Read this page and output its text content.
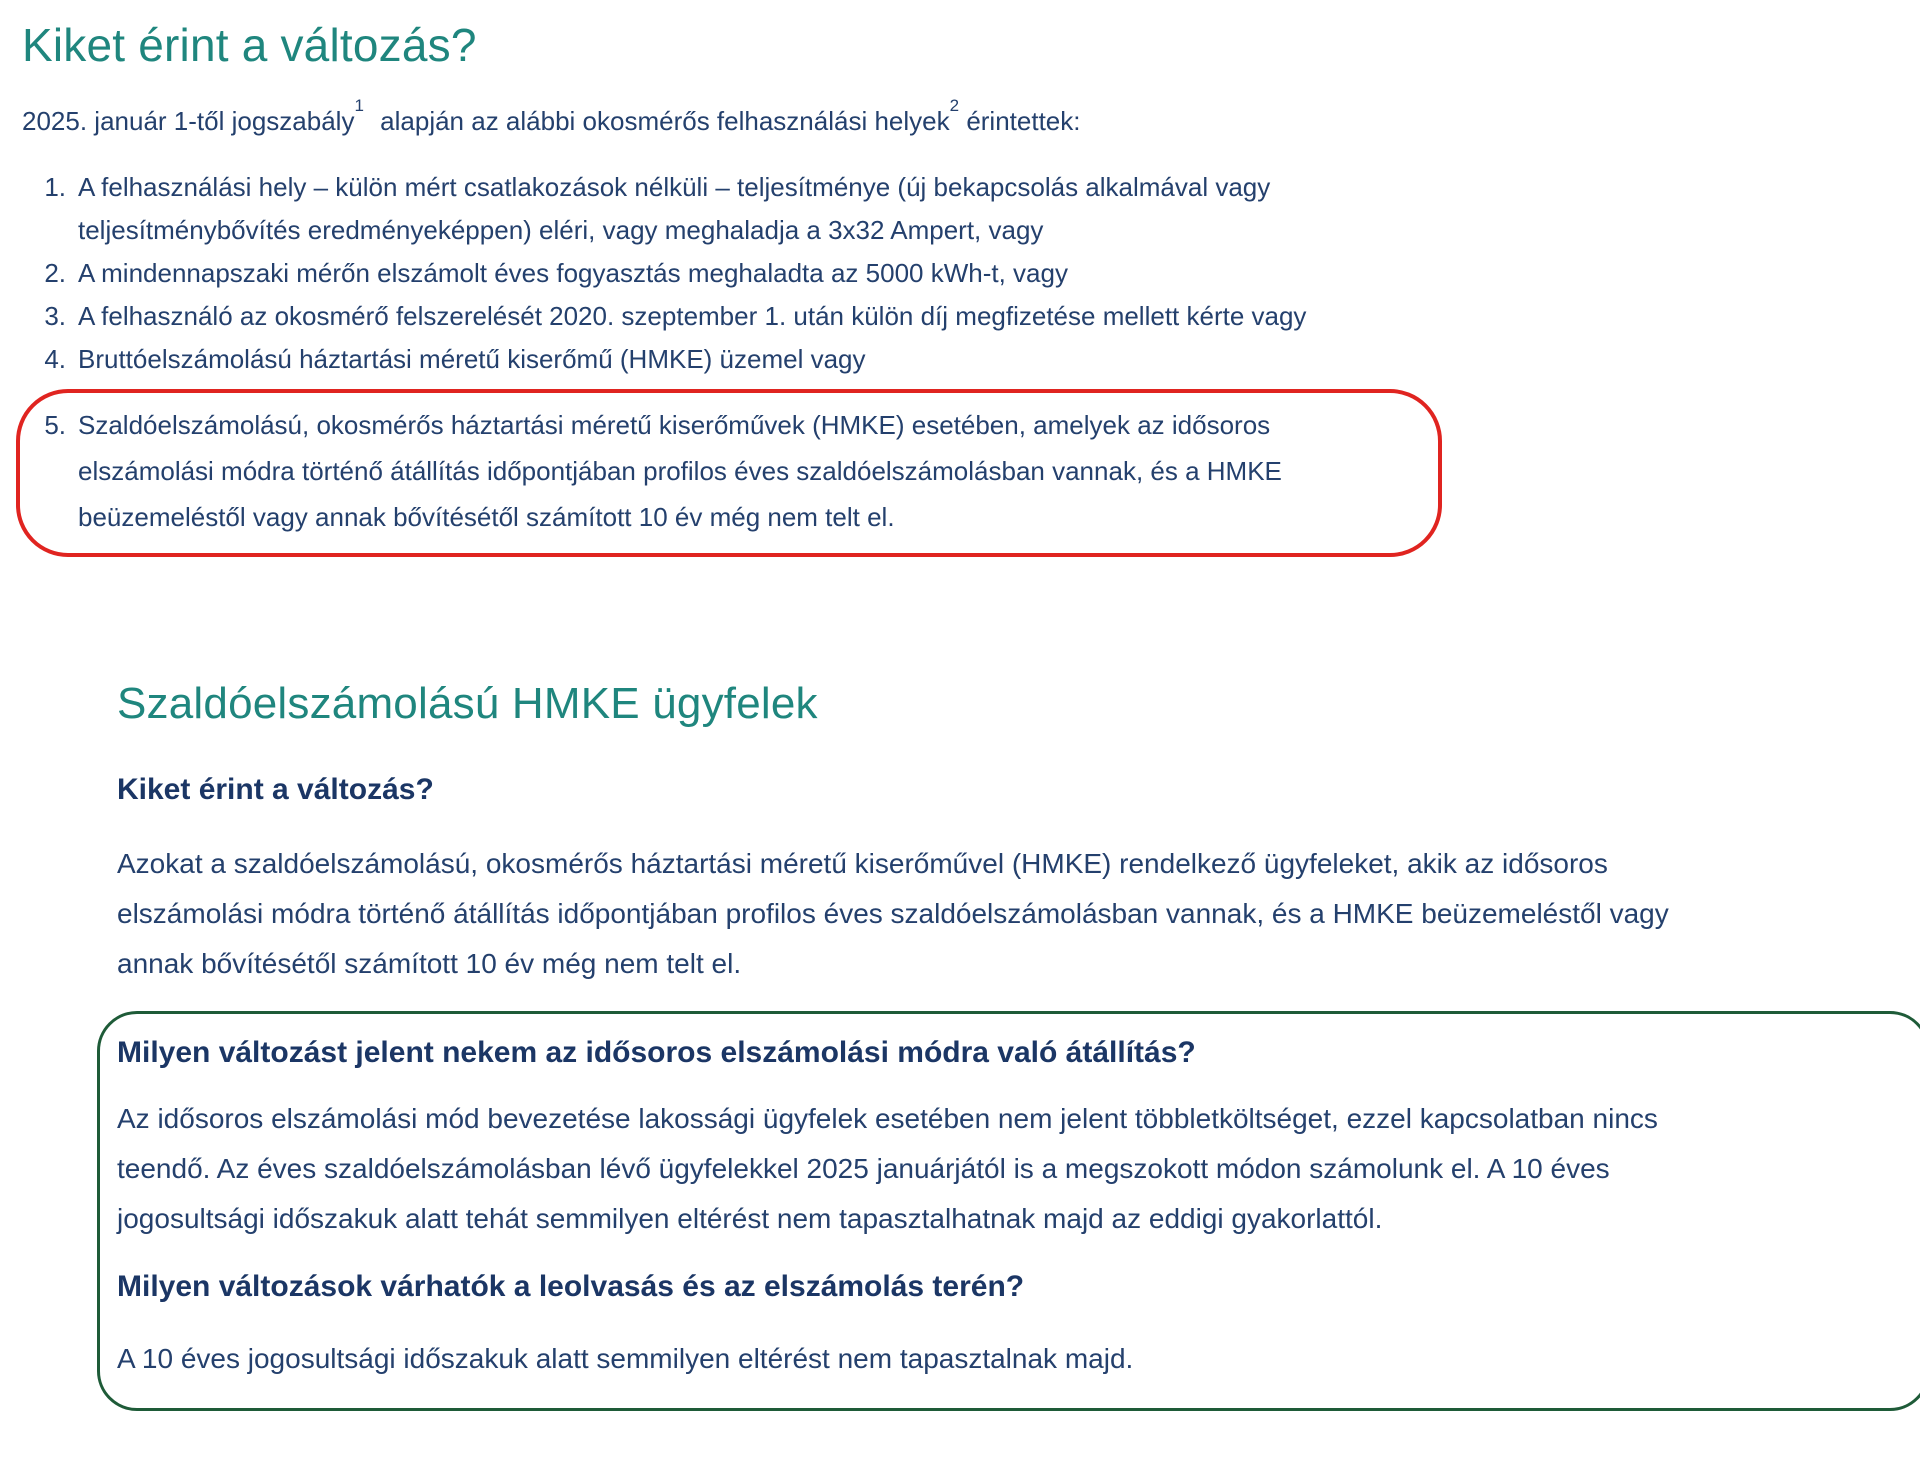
Kiket érint a változás?

2025. január 1-től jogszabály$^1$ alapján az alábbi okosmérős felhasználási helyek$^2$ érintettek:

1. A felhasználási hely – külön mért csatlakozások nélküli – teljesítménye (új bekapcsolás alkalmával vagy teljesítménybővítés eredményeképpen) eléri, vagy meghaladja a 3x32 Ampert, vagy
2. A mindennapszaki mérőn elszámolt éves fogyasztás meghaladta az 5000 kWh-t, vagy
3. A felhasználó az okosmérő felszerelését 2020. szeptember 1. után külön díj megfizetése mellett kérte vagy
4. Bruttóelszámolású háztartási méretű kiserőmű (HMKE) üzemel vagy
5. Szaldóelszámolású, okosmérős háztartási méretű kiserőművek (HMKE) esetében, amelyek az idősoros elszámolási módra történő átállítás időpontjában profilos éves szaldóelszámolásban vannak, és a HMKE beüzemeléstől vagy annak bővítésétől számított 10 év még nem telt el.
Szaldóelszámolású HMKE ügyfelek
Kiket érint a változás?

Azokat a szaldóelszámolású, okosmérős háztartási méretű kiserőművel (HMKE) rendelkező ügyfeleket, akik az idősoros elszámolási módra történő átállítás időpontjában profilos éves szaldóelszámolásban vannak, és a HMKE beüzemeléstől vagy annak bővítésétől számított 10 év még nem telt el.

Milyen változást jelent nekem az idősoros elszámolási módra való átállítás?

Az idősoros elszámolási mód bevezetése lakossági ügyfelek esetében nem jelent többletköltséget, ezzel kapcsolatban nincs teendő. Az éves szaldóelszámolásban lévő ügyfelekkel 2025 januárjától is a megszokott módon számolunk el. A 10 éves jogosultsági időszakuk alatt tehát semmilyen eltérést nem tapasztalhatnak majd az eddigi gyakorlattól.

Milyen változások várhatók a leolvasás és az elszámolás terén?

A 10 éves jogosultsági időszakuk alatt semmilyen eltérést nem tapasztalnak majd.
